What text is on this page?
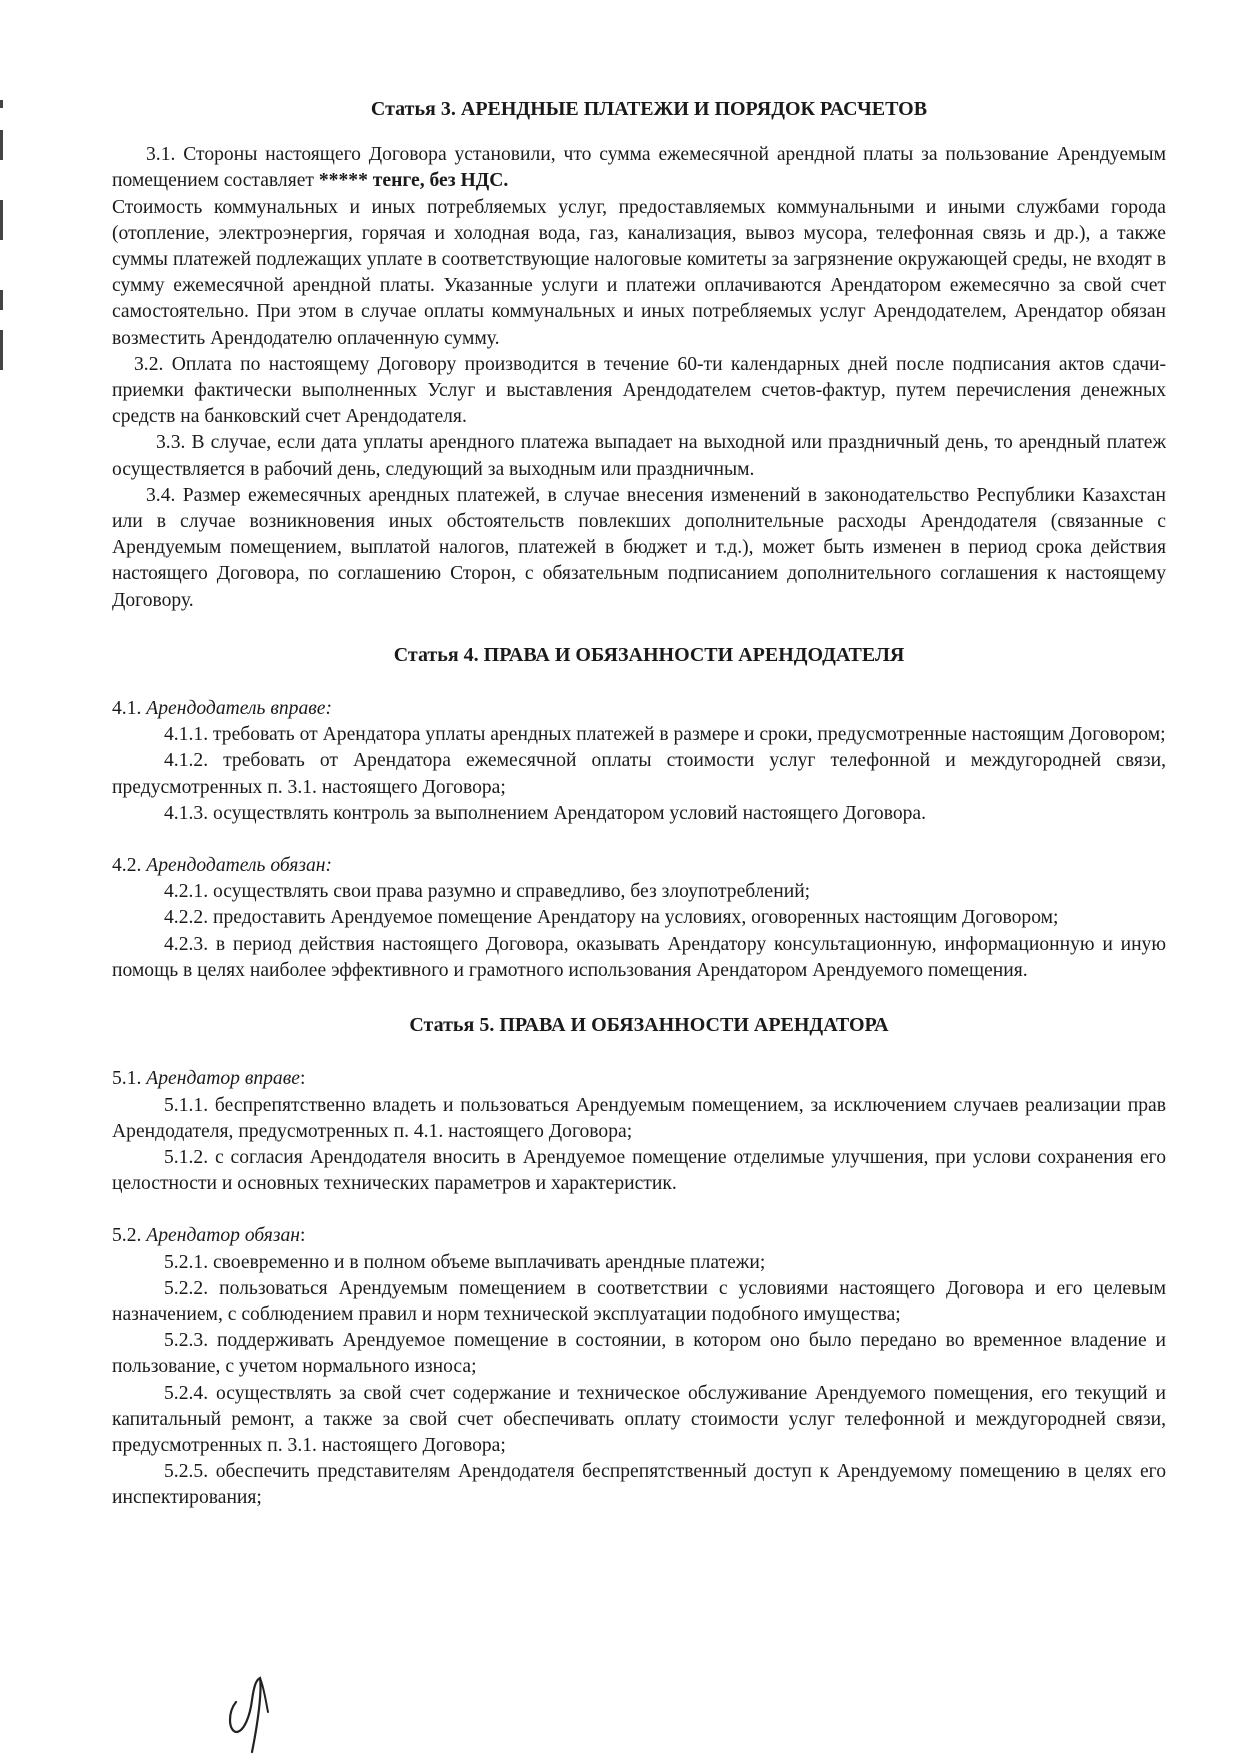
Статья 3. АРЕНДНЫЕ ПЛАТЕЖИ И ПОРЯДОК РАСЧЕТОВ

3.1. Стороны настоящего Договора установили, что сумма ежемесячной арендной платы за пользование Арендуемым помещением составляет ***** тенге, без НДС.

Стоимость коммунальных и иных потребляемых услуг, предоставляемых коммунальными и иными службами города (отопление, электроэнергия, горячая и холодная вода, газ, канализация, вывоз мусора, телефонная связь и др.), а также суммы платежей подлежащих уплате в соответствующие налоговые комитеты за загрязнение окружающей среды, не входят в сумму ежемесячной арендной платы. Указанные услуги и платежи оплачиваются Арендатором ежемесячно за свой счет самостоятельно. При этом в случае оплаты коммунальных и иных потребляемых услуг Арендодателем, Арендатор обязан возместить Арендодателю оплаченную сумму.

3.2. Оплата по настоящему Договору производится в течение 60-ти календарных дней после подписания актов сдачи-приемки фактически выполненных Услуг и выставления Арендодателем счетов-фактур, путем перечисления денежных средств на банковский счет Арендодателя.

3.3. В случае, если дата уплаты арендного платежа выпадает на выходной или праздничный день, то арендный платеж осуществляется в рабочий день, следующий за выходным или праздничным.

3.4. Размер ежемесячных арендных платежей, в случае внесения изменений в законодательство Республики Казахстан или в случае возникновения иных обстоятельств повлекших дополнительные расходы Арендодателя (связанные с Арендуемым помещением, выплатой налогов, платежей в бюджет и т.д.), может быть изменен в период срока действия настоящего Договора, по соглашению Сторон, с обязательным подписанием дополнительного соглашения к настоящему Договору.

Статья 4. ПРАВА И ОБЯЗАННОСТИ АРЕНДОДАТЕЛЯ

4.1. Арендодатель вправе:

4.1.1. требовать от Арендатора уплаты арендных платежей в размере и сроки, предусмотренные настоящим Договором;

4.1.2. требовать от Арендатора ежемесячной оплаты стоимости услуг телефонной и междугородней связи, предусмотренных п. 3.1. настоящего Договора;

4.1.3. осуществлять контроль за выполнением Арендатором условий настоящего Договора.

4.2. Арендодатель обязан:

4.2.1. осуществлять свои права разумно и справедливо, без злоупотреблений;

4.2.2. предоставить Арендуемое помещение Арендатору на условиях, оговоренных настоящим Договором;

4.2.3. в период действия настоящего Договора, оказывать Арендатору консультационную, информационную и иную помощь в целях наиболее эффективного и грамотного использования Арендатором Арендуемого помещения.

Статья 5. ПРАВА И ОБЯЗАННОСТИ АРЕНДАТОРА

5.1. Арендатор вправе:

5.1.1. беспрепятственно владеть и пользоваться Арендуемым помещением, за исключением случаев реализации прав Арендодателя, предусмотренных п. 4.1. настоящего Договора;

5.1.2. с согласия Арендодателя вносить в Арендуемое помещение отделимые улучшения, при услови сохранения его целостности и основных технических параметров и характеристик.

5.2. Арендатор обязан:

5.2.1. своевременно и в полном объеме выплачивать арендные платежи;

5.2.2. пользоваться Арендуемым помещением в соответствии с условиями настоящего Договора и его целевым назначением, с соблюдением правил и норм технической эксплуатации подобного имущества;

5.2.3. поддерживать Арендуемое помещение в состоянии, в котором оно было передано во временное владение и пользование, с учетом нормального износа;

5.2.4. осуществлять за свой счет содержание и техническое обслуживание Арендуемого помещения, его текущий и капитальный ремонт, а также за свой счет обеспечивать оплату стоимости услуг телефонной и междугородней связи, предусмотренных п. 3.1. настоящего Договора;

5.2.5. обеспечить представителям Арендодателя беспрепятственный доступ к Арендуемому помещению в целях его инспектирования;
